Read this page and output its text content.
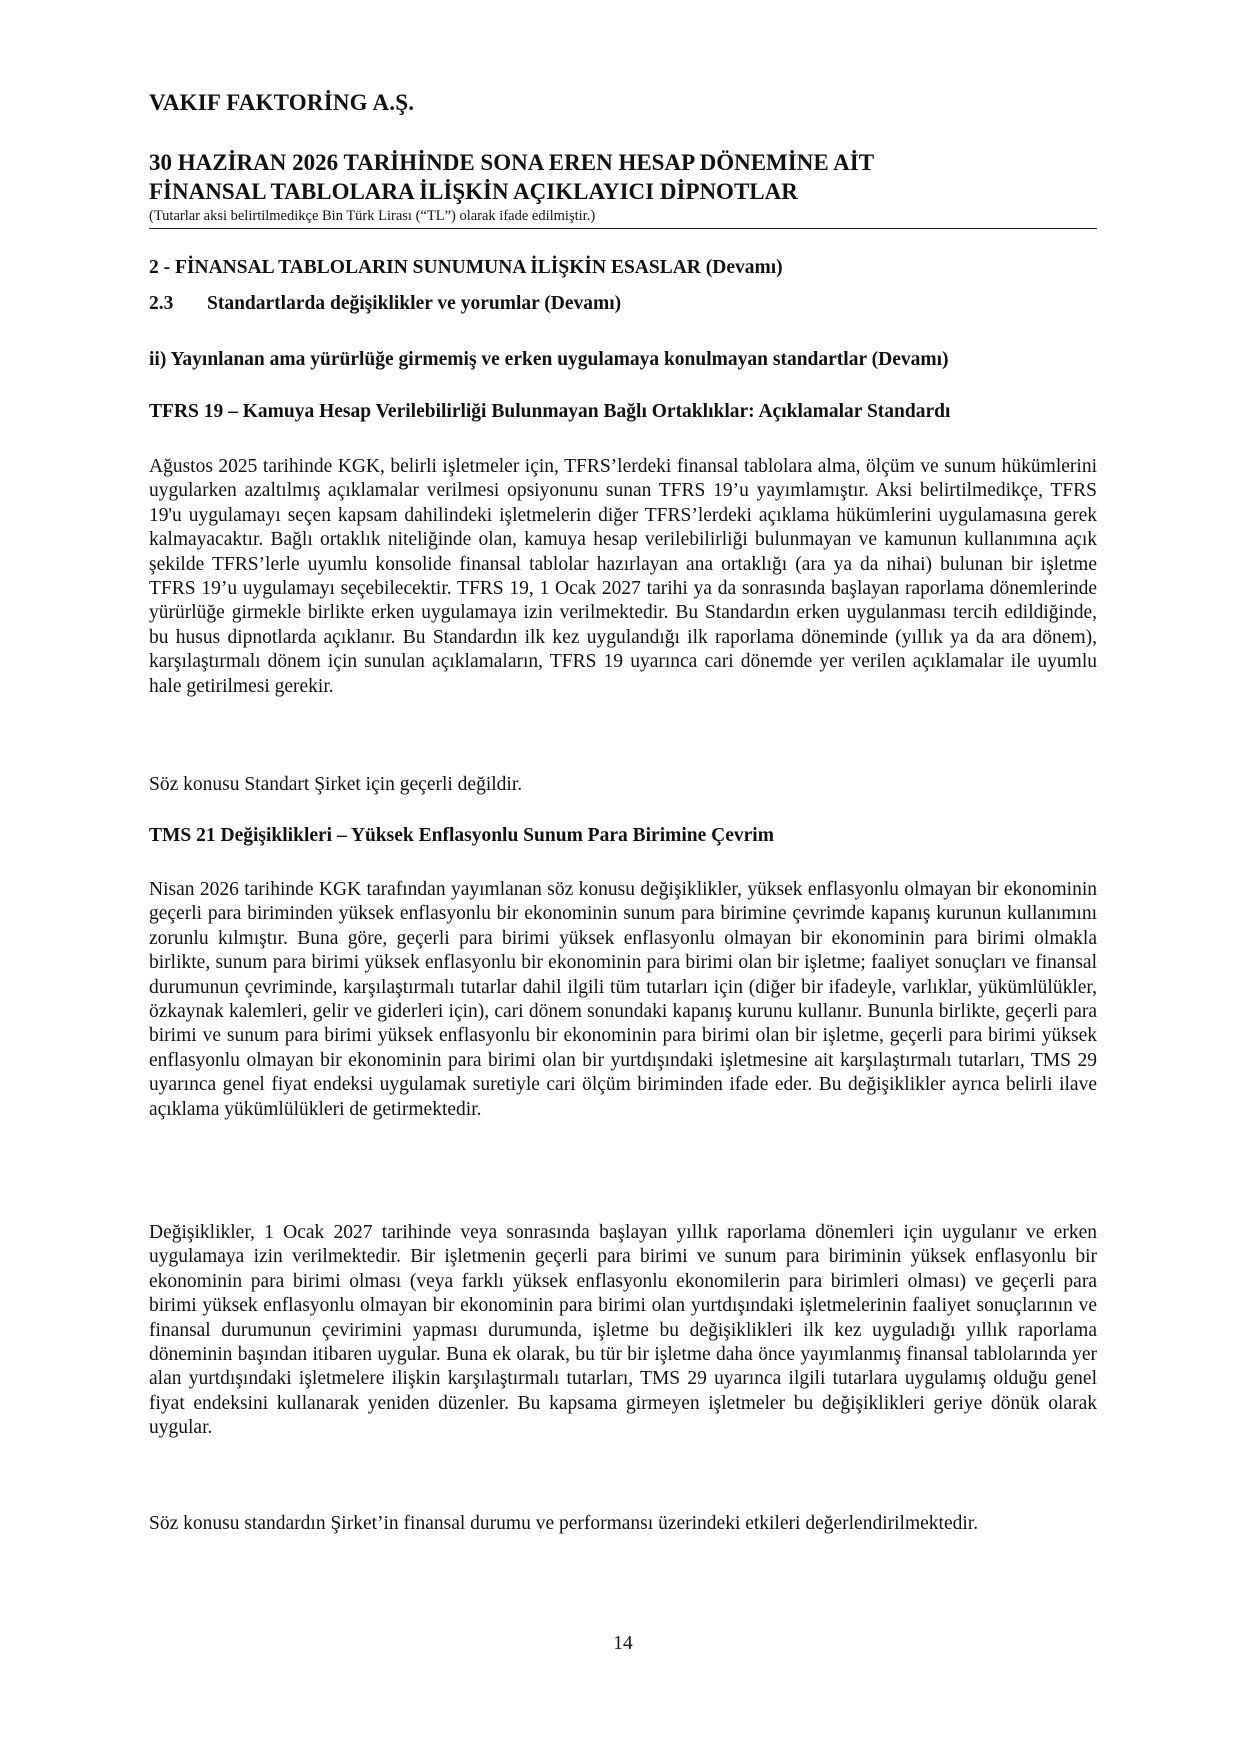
VAKIF FAKTORİNG A.Ş.
30 HAZİRAN 2026 TARİHİNDE SONA EREN HESAP DÖNEMİNE AİT
FİNANSAL TABLOLARA İLİŞKİN AÇIKLAYICI DİPNOTLAR
(Tutarlar aksi belirtilmedikçe Bin Türk Lirası (“TL”) olarak ifade edilmiştir.)
2 - FİNANSAL TABLOLARIN SUNUMUNA İLİŞKİN ESASLAR (Devamı)
2.3 Standartlarda değişiklikler ve yorumlar (Devamı)
ii) Yayınlanan ama yürürlüğe girmemiş ve erken uygulamaya konulmayan standartlar (Devamı)
TFRS 19 – Kamuya Hesap Verilebilirliği Bulunmayan Bağlı Ortaklıklar: Açıklamalar Standardı
Ağustos 2025 tarihinde KGK, belirli işletmeler için, TFRS’lerdeki finansal tablolara alma, ölçüm ve sunum hükümlerini uygularken azaltılmış açıklamalar verilmesi opsiyonunu sunan TFRS 19’u yayımlamıştır. Aksi belirtilmedikçe, TFRS 19'u uygulamayı seçen kapsam dahilindeki işletmelerin diğer TFRS’lerdeki açıklama hükümlerini uygulamasına gerek kalmayacaktır. Bağlı ortaklık niteliğinde olan, kamuya hesap verilebilirliği bulunmayan ve kamunun kullanımına açık şekilde TFRS’lerle uyumlu konsolide finansal tablolar hazırlayan ana ortaklığı (ara ya da nihai) bulunan bir işletme TFRS 19’u uygulamayı seçebilecektir. TFRS 19, 1 Ocak 2027 tarihi ya da sonrasında başlayan raporlama dönemlerinde yürürlüğe girmekle birlikte erken uygulamaya izin verilmektedir. Bu Standardın erken uygulanması tercih edildiğinde, bu husus dipnotlarda açıklanır. Bu Standardın ilk kez uygulandığı ilk raporlama döneminde (yıllık ya da ara dönem), karşılaştırmalı dönem için sunulan açıklamaların, TFRS 19 uyarınca cari dönemde yer verilen açıklamalar ile uyumlu hale getirilmesi gerekir.
Söz konusu Standart Şirket için geçerli değildir.
TMS 21 Değişiklikleri – Yüksek Enflasyonlu Sunum Para Birimine Çevrim
Nisan 2026 tarihinde KGK tarafından yayımlanan söz konusu değişiklikler, yüksek enflasyonlu olmayan bir ekonominin geçerli para biriminden yüksek enflasyonlu bir ekonominin sunum para birimine çevrimde kapanış kurunun kullanımını zorunlu kılmıştır. Buna göre, geçerli para birimi yüksek enflasyonlu olmayan bir ekonominin para birimi olmakla birlikte, sunum para birimi yüksek enflasyonlu bir ekonominin para birimi olan bir işletme; faaliyet sonuçları ve finansal durumunun çevriminde, karşılaştırmalı tutarlar dahil ilgili tüm tutarları için (diğer bir ifadeyle, varlıklar, yükümlülükler, özkaynak kalemleri, gelir ve giderleri için), cari dönem sonundaki kapanış kurunu kullanır. Bununla birlikte, geçerli para birimi ve sunum para birimi yüksek enflasyonlu bir ekonominin para birimi olan bir işletme, geçerli para birimi yüksek enflasyonlu olmayan bir ekonominin para birimi olan bir yurtdışındaki işletmesine ait karşılaştırmalı tutarları, TMS 29 uyarınca genel fiyat endeksi uygulamak suretiyle cari ölçüm biriminden ifade eder. Bu değişiklikler ayrıca belirli ilave açıklama yükümlülükleri de getirmektedir.
Değişiklikler, 1 Ocak 2027 tarihinde veya sonrasında başlayan yıllık raporlama dönemleri için uygulanır ve erken uygulamaya izin verilmektedir. Bir işletmenin geçerli para birimi ve sunum para biriminin yüksek enflasyonlu bir ekonominin para birimi olması (veya farklı yüksek enflasyonlu ekonomilerin para birimleri olması) ve geçerli para birimi yüksek enflasyonlu olmayan bir ekonominin para birimi olan yurtdışındaki işletmelerinin faaliyet sonuçlarının ve finansal durumunun çevirimini yapması durumunda, işletme bu değişiklikleri ilk kez uyguladığı yıllık raporlama döneminin başından itibaren uygular. Buna ek olarak, bu tür bir işletme daha önce yayımlanmış finansal tablolarında yer alan yurtdışındaki işletmelere ilişkin karşılaştırmalı tutarları, TMS 29 uyarınca ilgili tutarlara uygulamış olduğu genel fiyat endeksini kullanarak yeniden düzenler. Bu kapsama girmeyen işletmeler bu değişiklikleri geriye dönük olarak uygular.
Söz konusu standardın Şirket’in finansal durumu ve performansı üzerindeki etkileri değerlendirilmektedir.
14
